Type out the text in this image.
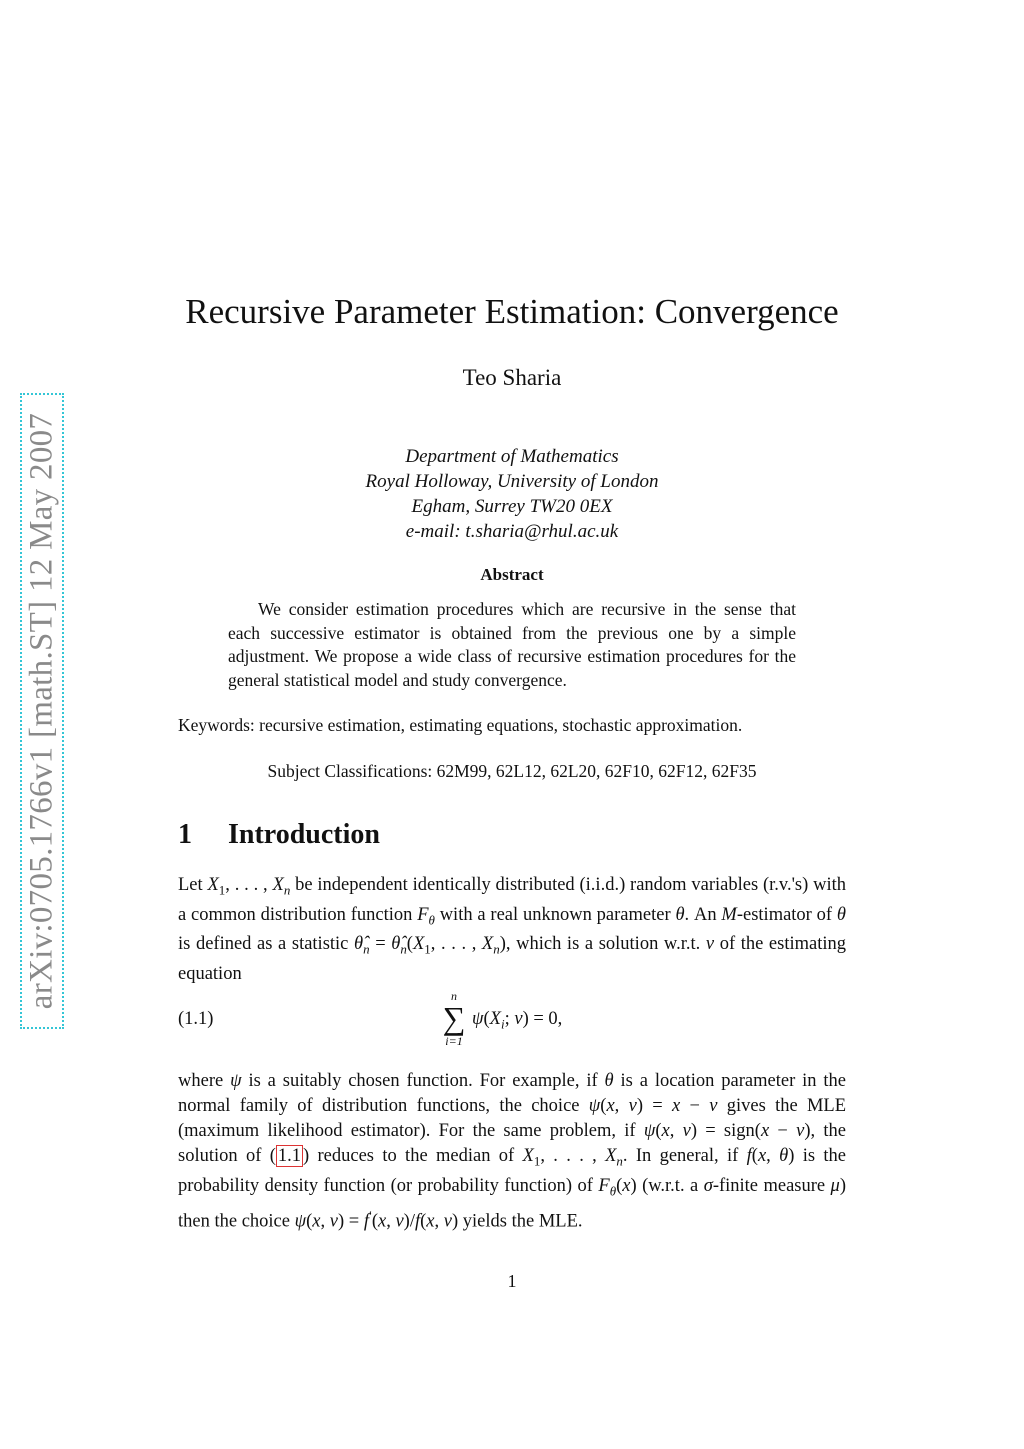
arXiv:0705.1766v1 [math.ST] 12 May 2007
Recursive Parameter Estimation: Convergence
Teo Sharia
Department of Mathematics
Royal Holloway, University of London
Egham, Surrey TW20 0EX
e-mail: t.sharia@rhul.ac.uk
Abstract

We consider estimation procedures which are recursive in the sense that each successive estimator is obtained from the previous one by a simple adjustment. We propose a wide class of recursive estimation procedures for the general statistical model and study convergence.

Keywords: recursive estimation, estimating equations, stochastic approximation.
Subject Classifications: 62M99, 62L12, 62L20, 62F10, 62F12, 62F35
1 Introduction
Let $X_1$, . . . , $X_n$ be independent identically distributed (i.i.d.) random variables (r.v.'s) with a common distribution function $F_\theta$ with a real unknown parameter θ. An M-estimator of θ is defined as a statistic $\thetâ_n$ = $\thetâ_n(X_1$, . . . , $X_n$), which is a solution w.r.t. v of the estimating equation
(1.1)
n
∑
i=1
$\psi(X_i$; v) = 0,
where ψ is a suitably chosen function. For example, if θ is a location parameter in the normal family of distribution functions, the choice ψ(x, v) = x − v gives the MLE (maximum likelihood estimator). For the same problem, if ψ(x, v) = sign(x − v), the solution of ( 1.1 ) reduces to the median of $X_1$, . . . , $X_n$. In general, if f(x, θ) is the probability density function (or probability function) of $F_\theta(x)$ (w.r.t. a σ-finite measure μ) then the choice ψ(x, v) = f′(x, v)/f(x, v) yields the MLE.
1
